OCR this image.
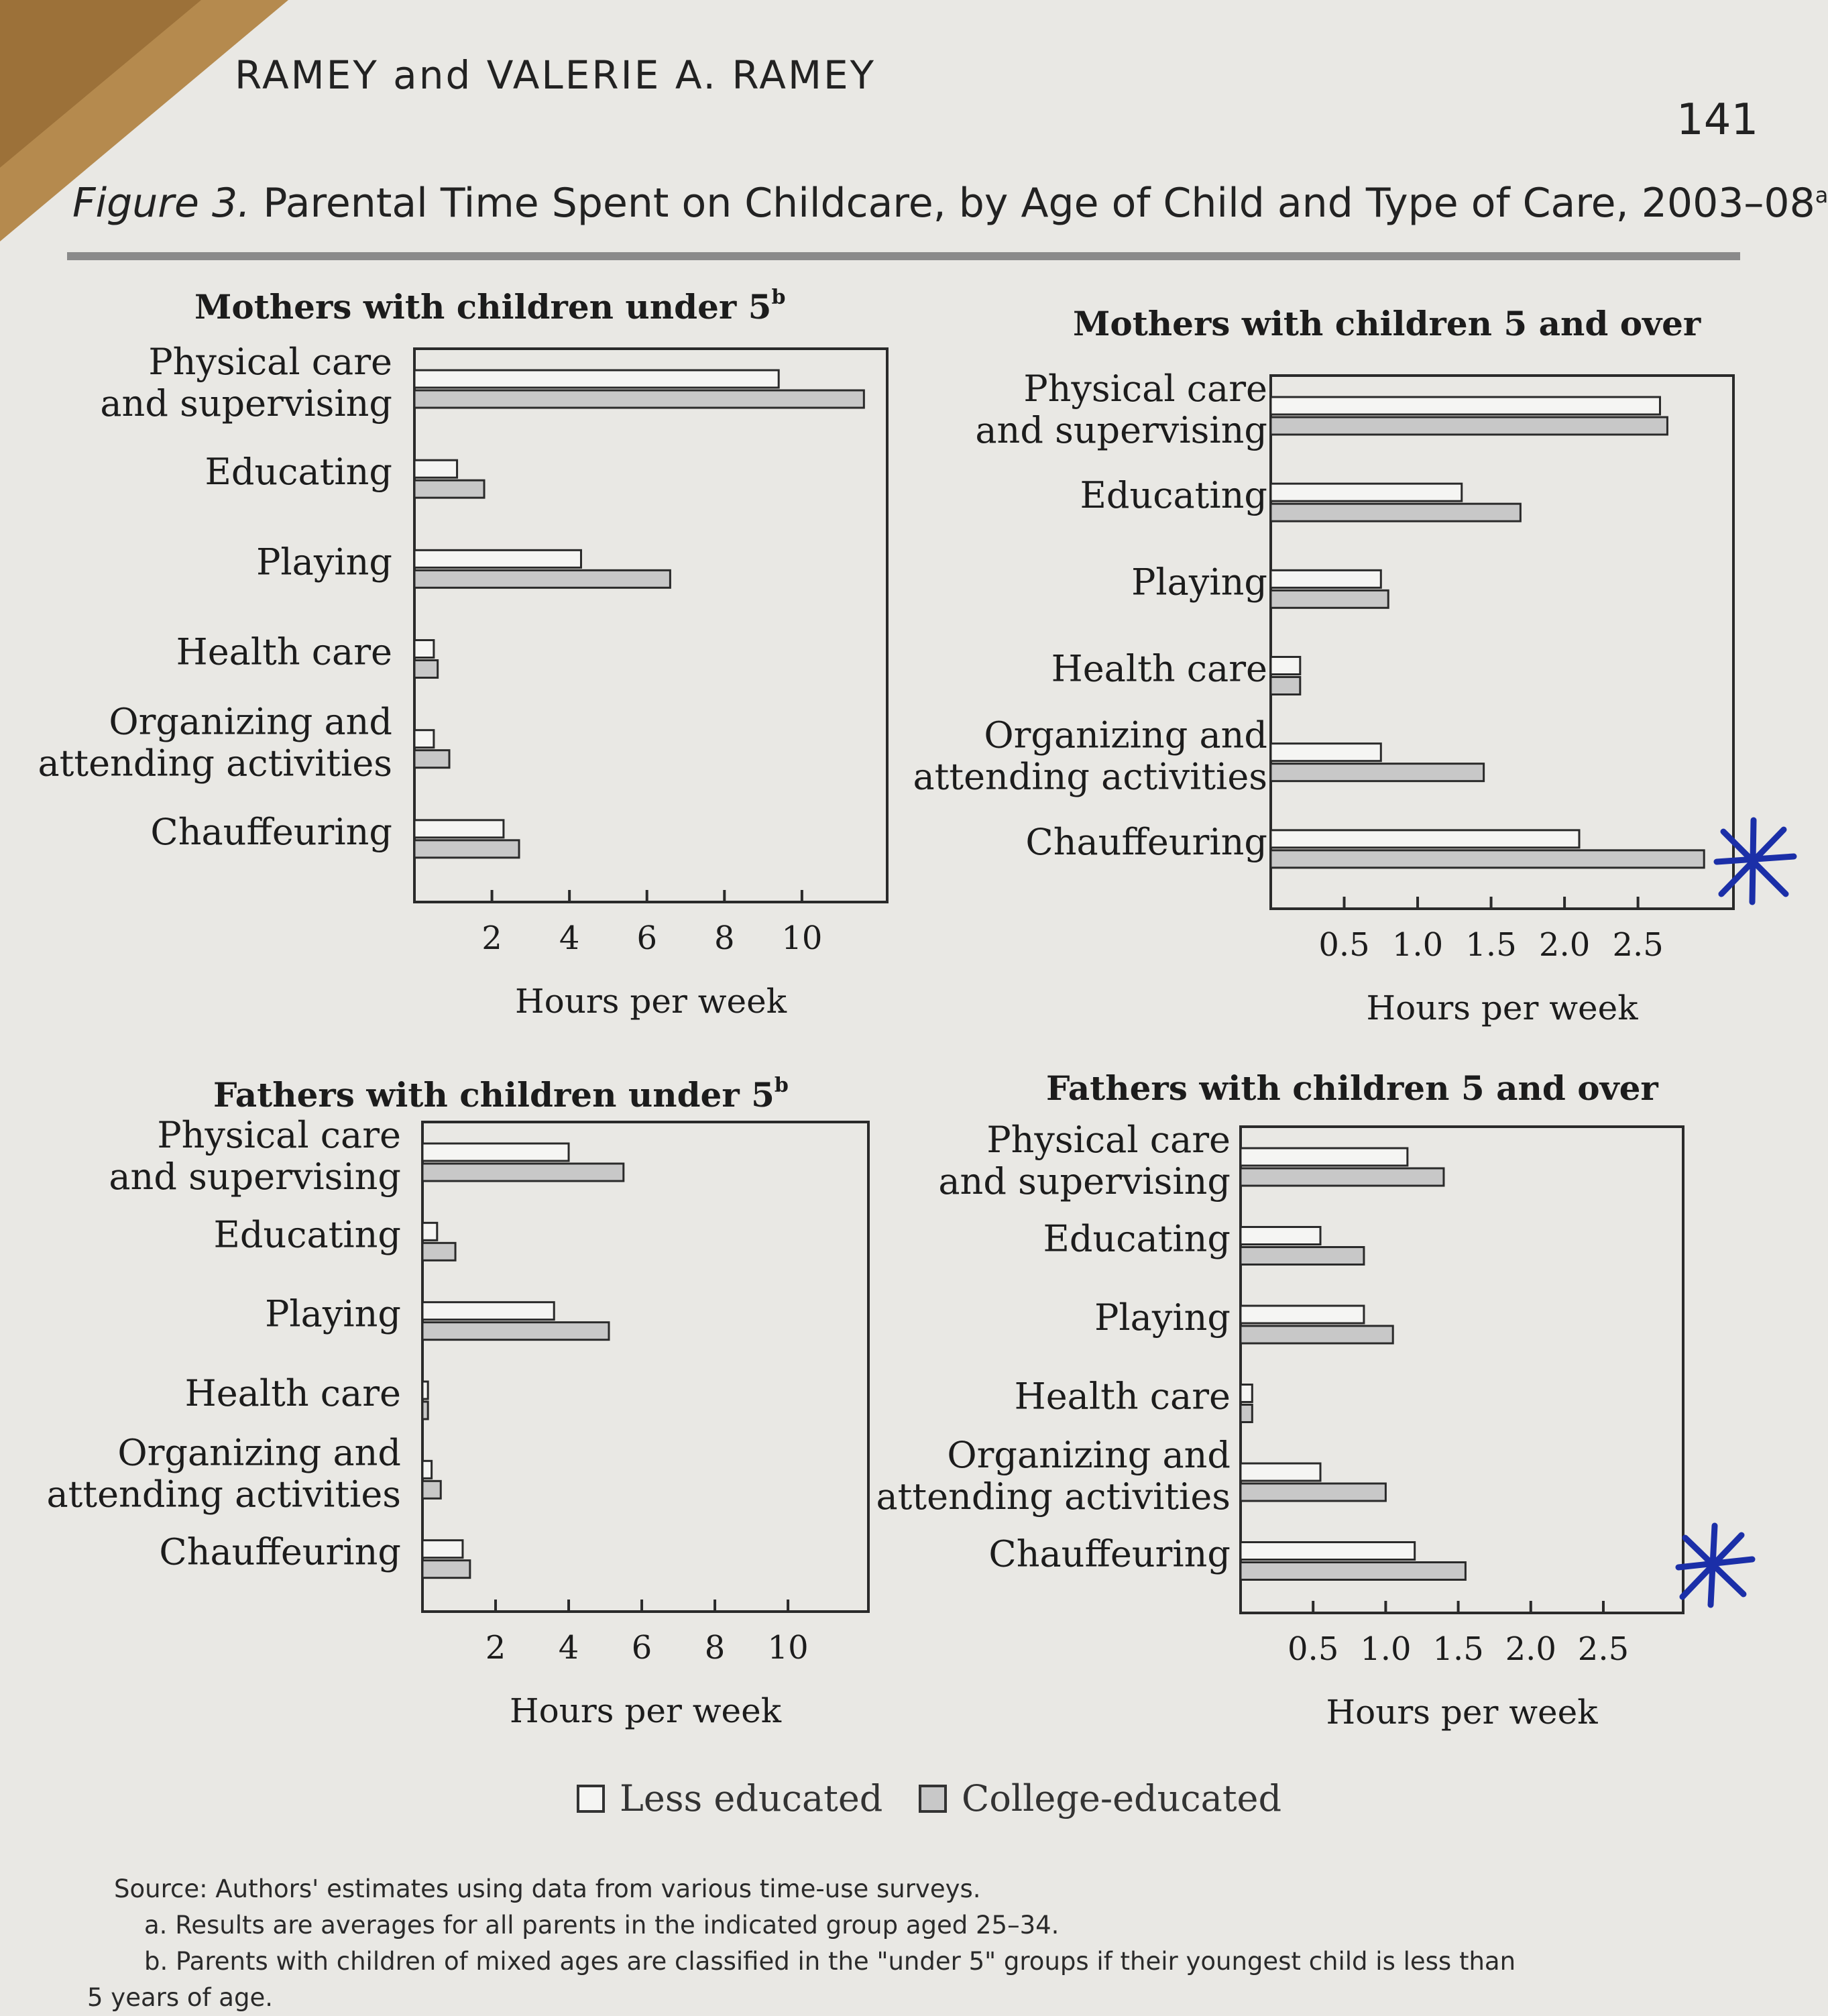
RAMEY and VALERIE A. RAMEY
141
Figure 3. Parental Time Spent on Childcare, by Age of Child and Type of Care, 2003–08$^a$
Mothers with children under 5$^b$
2 4 6 8 10
Hours per week
Physical care and supervising
Educating
Playing
Health care
Organizing and attending activities
Chauffeuring
Mothers with children 5 and over
0.5 1.0 1.5 2.0 2.5
Hours per week
Physical care and supervising
Educating
Playing
Health care
Organizing and attending activities
Chauffeuring
Fathers with children under 5$^b$
2 4 6 8 10
Hours per week
Physical care and supervising
Educating
Playing
Health care
Organizing and attending activities
Chauffeuring
Fathers with children 5 and over
0.5 1.0 1.5 2.0 2.5
Hours per week
Physical care and supervising
Educating
Playing
Health care
Organizing and attending activities
Chauffeuring
Less educated College-educated
Source: Authors' estimates using data from various time-use surveys.
a. Results are averages for all parents in the indicated group aged 25–34.
b. Parents with children of mixed ages are classified in the "under 5" groups if their youngest child is less than
5 years of age.
